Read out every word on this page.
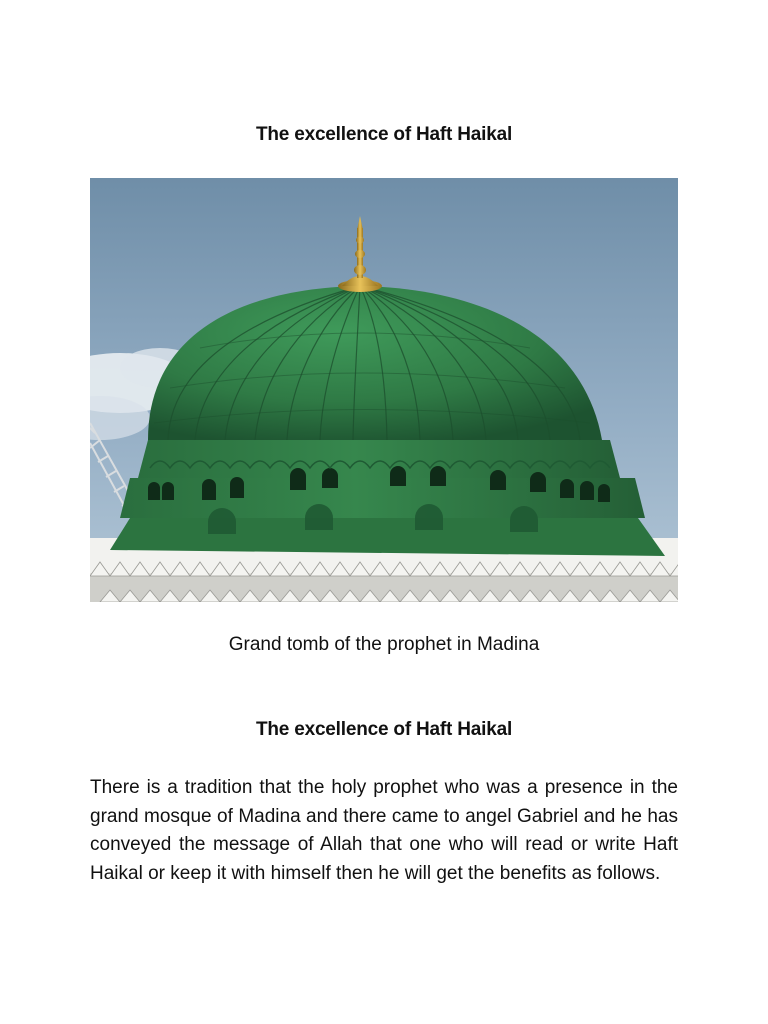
The excellence of Haft Haikal
Grand tomb of the prophet in Madina
The excellence of Haft Haikal
There is a tradition that the holy prophet who was a presence in the grand mosque of Madina and there came to angel Gabriel and he has conveyed the message of Allah that one who will read or write Haft Haikal or keep it with himself then he will get the benefits as follows.
